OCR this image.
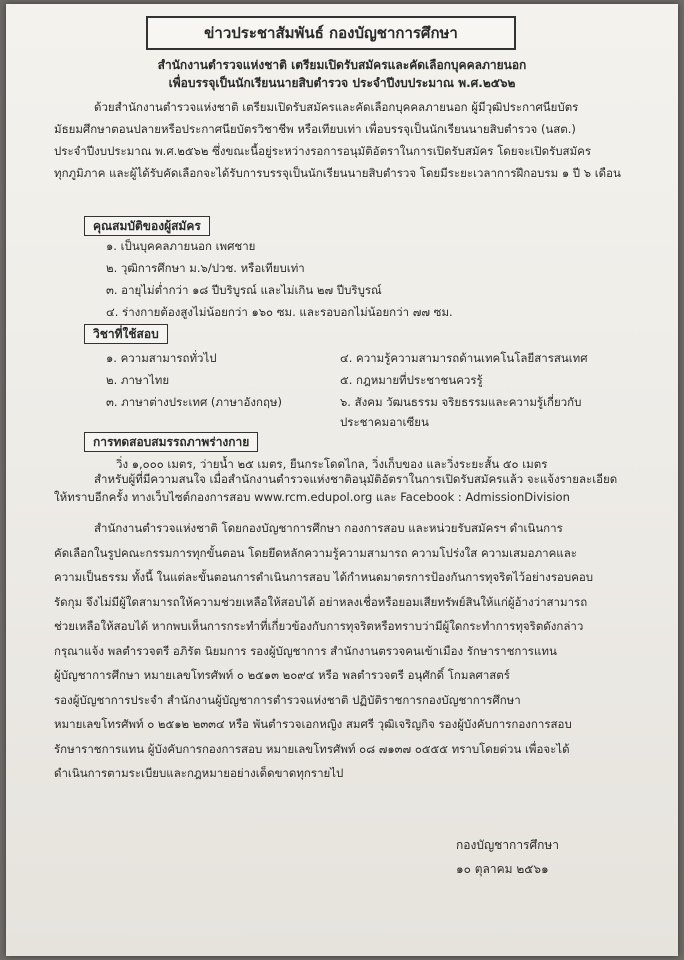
ข่าวประชาสัมพันธ์ กองบัญชาการศึกษา
สำนักงานตำรวจแห่งชาติ เตรียมเปิดรับสมัครและคัดเลือกบุคคลภายนอก
เพื่อบรรจุเป็นนักเรียนนายสิบตำรวจ ประจำปีงบประมาณ พ.ศ.๒๕๖๒
ด้วยสำนักงานตำรวจแห่งชาติ เตรียมเปิดรับสมัครและคัดเลือกบุคคลภายนอก ผู้มีวุฒิประกาศนียบัตร
มัธยมศึกษาตอนปลายหรือประกาศนียบัตรวิชาชีพ หรือเทียบเท่า เพื่อบรรจุเป็นนักเรียนนายสิบตำรวจ (นสต.)
ประจำปีงบประมาณ พ.ศ.๒๕๖๒ ซึ่งขณะนี้อยู่ระหว่างรอการอนุมัติอัตราในการเปิดรับสมัคร โดยจะเปิดรับสมัคร
ทุกภูมิภาค และผู้ได้รับคัดเลือกจะได้รับการบรรจุเป็นนักเรียนนายสิบตำรวจ โดยมีระยะเวลาการฝึกอบรม ๑ ปี ๖ เดือน
คุณสมบัติของผู้สมัคร
๑. เป็นบุคคลภายนอก เพศชาย
๒. วุฒิการศึกษา ม.๖/ปวช. หรือเทียบเท่า
๓. อายุไม่ต่ำกว่า ๑๘ ปีบริบูรณ์ และไม่เกิน ๒๗ ปีบริบูรณ์
๔. ร่างกายต้องสูงไม่น้อยกว่า ๑๖๐ ซม. และรอบอกไม่น้อยกว่า ๗๗ ซม.
วิชาที่ใช้สอบ
๑. ความสามารถทั่วไป
๒. ภาษาไทย
๓. ภาษาต่างประเทศ (ภาษาอังกฤษ)
๔. ความรู้ความสามารถด้านเทคโนโลยีสารสนเทศ
๕. กฎหมายที่ประชาชนควรรู้
๖. สังคม วัฒนธรรม จริยธรรมและความรู้เกี่ยวกับ
ประชาคมอาเซียน
การทดสอบสมรรถภาพร่างกาย
วิ่ง ๑,๐๐๐ เมตร, ว่ายน้ำ ๒๕ เมตร, ยืนกระโดดไกล, วิ่งเก็บของ และวิ่งระยะสั้น ๕๐ เมตร
สำหรับผู้ที่มีความสนใจ เมื่อสำนักงานตำรวจแห่งชาติอนุมัติอัตราในการเปิดรับสมัครแล้ว จะแจ้งรายละเอียด
ให้ทราบอีกครั้ง ทางเว็บไซต์กองการสอบ www.rcm.edupol.org และ Facebook : AdmissionDivision
สำนักงานตำรวจแห่งชาติ โดยกองบัญชาการศึกษา กองการสอบ และหน่วยรับสมัครฯ ดำเนินการ
คัดเลือกในรูปคณะกรรมการทุกขั้นตอน โดยยึดหลักความรู้ความสามารถ ความโปร่งใส ความเสมอภาคและ
ความเป็นธรรม ทั้งนี้ ในแต่ละขั้นตอนการดำเนินการสอบ ได้กำหนดมาตรการป้องกันการทุจริตไว้อย่างรอบคอบ
รัดกุม จึงไม่มีผู้ใดสามารถให้ความช่วยเหลือให้สอบได้ อย่าหลงเชื่อหรือยอมเสียทรัพย์สินให้แก่ผู้อ้างว่าสามารถ
ช่วยเหลือให้สอบได้ หากพบเห็นการกระทำที่เกี่ยวข้องกับการทุจริตหรือทราบว่ามีผู้ใดกระทำการทุจริตดังกล่าว
กรุณาแจ้ง พลตำรวจตรี อภิรัต นิยมการ รองผู้บัญชาการ สำนักงานตรวจคนเข้าเมือง รักษาราชการแทน
ผู้บัญชาการศึกษา หมายเลขโทรศัพท์ ๐ ๒๕๑๓ ๒๐๙๔ หรือ พลตำรวจตรี อนุศักดิ์ โกมลศาสตร์
รองผู้บัญชาการประจำ สำนักงานผู้บัญชาการตำรวจแห่งชาติ ปฏิบัติราชการกองบัญชาการศึกษา
หมายเลขโทรศัพท์ ๐ ๒๕๑๒ ๒๓๓๔ หรือ พันตำรวจเอกหญิง สมศรี วุฒิเจริญกิจ รองผู้บังคับการกองการสอบ
รักษาราชการแทน ผู้บังคับการกองการสอบ หมายเลขโทรศัพท์ ๐๘ ๗๑๓๗ ๐๕๕๕ ทราบโดยด่วน เพื่อจะได้
ดำเนินการตามระเบียบและกฎหมายอย่างเด็ดขาดทุกรายไป
กองบัญชาการศึกษา
๑๐ ตุลาคม ๒๕๖๑
